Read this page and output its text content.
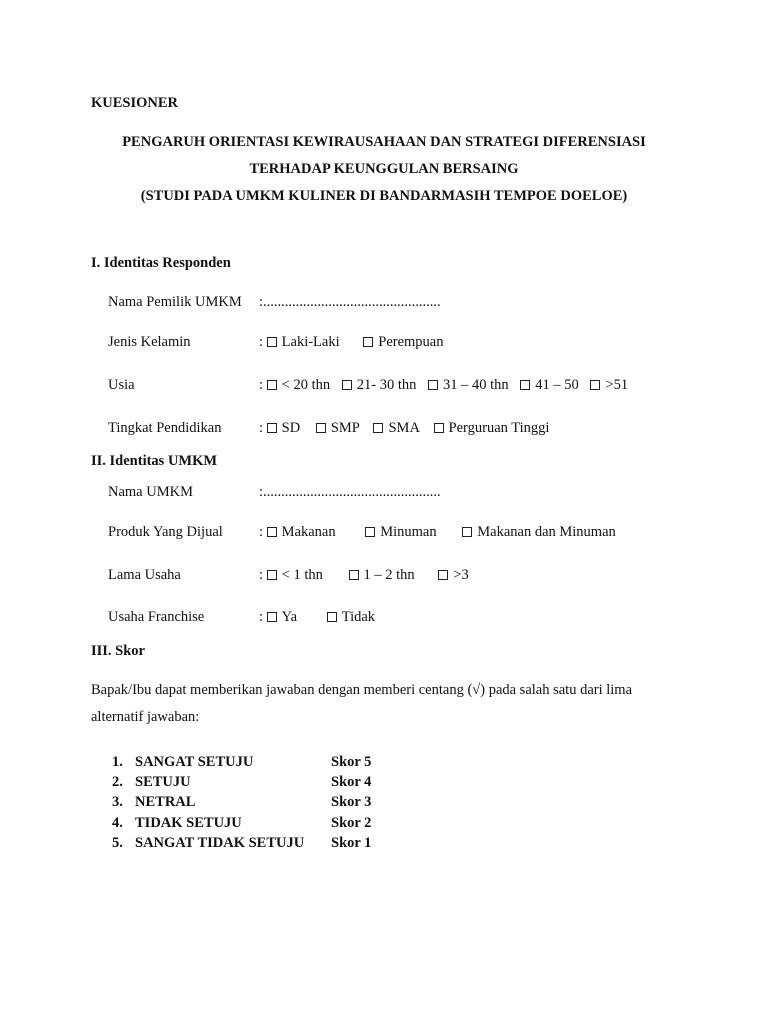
KUESIONER
PENGARUH ORIENTASI KEWIRAUSAHAAN DAN STRATEGI DIFERENSIASI
TERHADAP KEUNGGULAN BERSAING
(STUDI PADA UMKM KULINER DI BANDARMASIH TEMPOE DOELOE)
I. Identitas Responden
Nama Pemilik UMKM :.................................................
Jenis Kelamin	: Laki-Laki	Perempuan
Usia	: < 20 thn 21- 30 thn 31 – 40 thn 41 – 50 >51
Tingkat Pendidikan	: SD SMP SMA Perguruan Tinggi
II. Identitas UMKM
Nama UMKM	:.................................................
Produk Yang Dijual : Makanan	Minuman	Makanan dan Minuman
Lama Usaha	: < 1 thn	1 – 2 thn	>3
Usaha Franchise	: Ya	Tidak
III. Skor
Bapak/Ibu dapat memberikan jawaban dengan memberi centang (√) pada salah satu dari lima
alternatif jawaban:
1. SANGAT SETUJU	Skor 5
2. SETUJU	Skor 4
3. NETRAL	Skor 3
4. TIDAK SETUJU	Skor 2
5. SANGAT TIDAK SETUJU Skor 1
